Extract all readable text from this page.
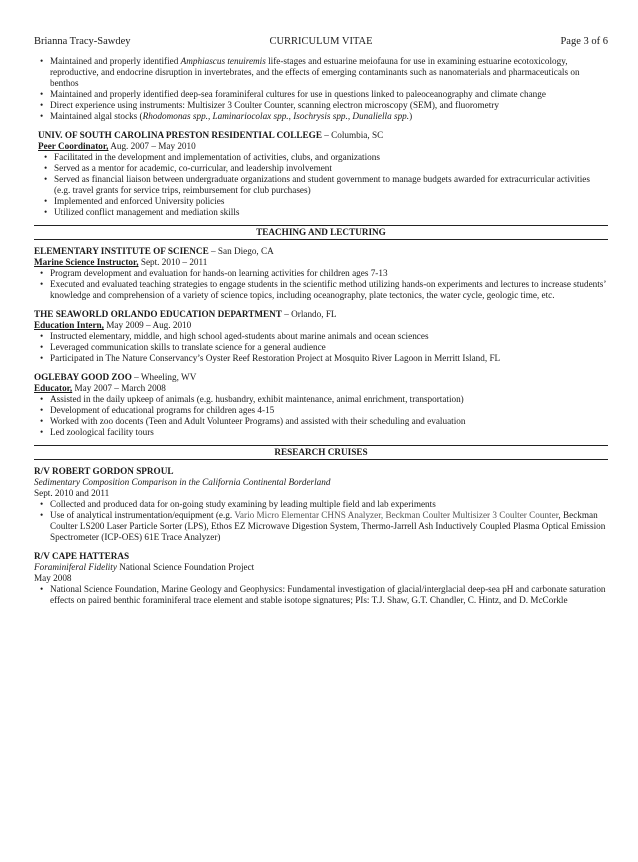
Brianna Tracy-Sawdey	CURRICULUM VITAE	Page 3 of 6
• Maintained and properly identified Amphiascus tenuiremis life-stages and estuarine meiofauna for use in examining estuarine ecotoxicology, reproductive, and endocrine disruption in invertebrates, and the effects of emerging contaminants such as nanomaterials and pharmaceuticals on benthos
• Maintained and properly identified deep-sea foraminiferal cultures for use in questions linked to paleoceanography and climate change
• Direct experience using instruments: Multisizer 3 Coulter Counter, scanning electron microscopy (SEM), and fluorometry
• Maintained algal stocks (Rhodomonas spp., Laminariocolax spp., Isochrysis spp., Dunaliella spp.)
UNIV. OF SOUTH CAROLINA PRESTON RESIDENTIAL COLLEGE – Columbia, SC
Peer Coordinator, Aug. 2007 – May 2010
• Facilitated in the development and implementation of activities, clubs, and organizations
• Served as a mentor for academic, co-curricular, and leadership involvement
• Served as financial liaison between undergraduate organizations and student government to manage budgets awarded for extracurricular activities (e.g. travel grants for service trips, reimbursement for club purchases)
• Implemented and enforced University policies
• Utilized conflict management and mediation skills
TEACHING AND LECTURING
ELEMENTARY INSTITUTE OF SCIENCE – San Diego, CA
Marine Science Instructor, Sept. 2010 – 2011
• Program development and evaluation for hands-on learning activities for children ages 7-13
• Executed and evaluated teaching strategies to engage students in the scientific method utilizing hands-on experiments and lectures to increase students’ knowledge and comprehension of a variety of science topics, including oceanography, plate tectonics, the water cycle, geologic time, etc.
THE SEAWORLD ORLANDO EDUCATION DEPARTMENT – Orlando, FL
Education Intern, May 2009 – Aug. 2010
• Instructed elementary, middle, and high school aged-students about marine animals and ocean sciences
• Leveraged communication skills to translate science for a general audience
• Participated in The Nature Conservancy’s Oyster Reef Restoration Project at Mosquito River Lagoon in Merritt Island, FL
OGLEBAY GOOD ZOO – Wheeling, WV
Educator, May 2007 – March 2008
• Assisted in the daily upkeep of animals (e.g. husbandry, exhibit maintenance, animal enrichment, transportation)
• Development of educational programs for children ages 4-15
• Worked with zoo docents (Teen and Adult Volunteer Programs) and assisted with their scheduling and evaluation
• Led zoological facility tours
RESEARCH CRUISES
R/V ROBERT GORDON SPROUL
Sedimentary Composition Comparison in the California Continental Borderland
Sept. 2010 and 2011
• Collected and produced data for on-going study examining by leading multiple field and lab experiments
• Use of analytical instrumentation/equipment (e.g. Vario Micro Elementar CHNS Analyzer, Beckman Coulter Multisizer 3 Coulter Counter, Beckman Coulter LS200 Laser Particle Sorter (LPS), Ethos EZ Microwave Digestion System, Thermo-Jarrell Ash Inductively Coupled Plasma Optical Emission Spectrometer (ICP-OES) 61E Trace Analyzer)
R/V CAPE HATTERAS
Foraminiferal Fidelity National Science Foundation Project
May 2008
• National Science Foundation, Marine Geology and Geophysics: Fundamental investigation of glacial/interglacial deep-sea pH and carbonate saturation effects on paired benthic foraminiferal trace element and stable isotope signatures; PIs: T.J. Shaw, G.T. Chandler, C. Hintz, and D. McCorkle
